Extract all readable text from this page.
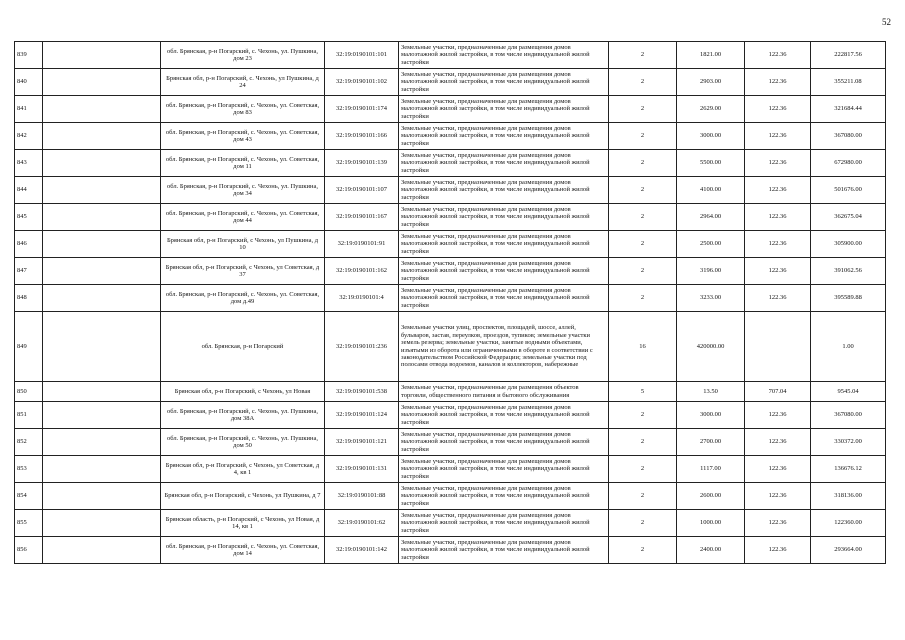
52
839		обл. Брянская, р-н Погарский, с. Чехонь, ул. Пушкина, дом 23	32:19:0190101:101	Земельные участки, предназначенные для размещения домов малоэтажной жилой застройки, в том числе индивидуальной жилой застройки	2	1821.00	122.36	222817.56
840		Брянская обл, р-н Погарский, с. Чехонь, ул Пушкина, д 24	32:19:0190101:102	Земельные участки, предназначенные для размещения домов малоэтажной жилой застройки, в том числе индивидуальной жилой застройки	2	2903.00	122.36	355211.08
841		обл. Брянская, р-н Погарский, с. Чехонь, ул. Советская, дом 83	32:19:0190101:174	Земельные участки, предназначенные для размещения домов малоэтажной жилой застройки, в том числе индивидуальной жилой застройки	2	2629.00	122.36	321684.44
842		обл. Брянская, р-н Погарский, с. Чехонь, ул. Советская, дом 43	32:19:0190101:166	Земельные участки, предназначенные для размещения домов малоэтажной жилой застройки, в том числе индивидуальной жилой застройки	2	3000.00	122.36	367080.00
843		обл. Брянская, р-н Погарский, с. Чехонь, ул. Советская, дом 11	32:19:0190101:139	Земельные участки, предназначенные для размещения домов малоэтажной жилой застройки, в том числе индивидуальной жилой застройки	2	5500.00	122.36	672980.00
844		обл. Брянская, р-н Погарский, с. Чехонь, ул. Пушкина, дом 34	32:19:0190101:107	Земельные участки, предназначенные для размещения домов малоэтажной жилой застройки, в том числе индивидуальной жилой застройки	2	4100.00	122.36	501676.00
845		обл. Брянская, р-н Погарский, с. Чехонь, ул. Советская, дом 44	32:19:0190101:167	Земельные участки, предназначенные для размещения домов малоэтажной жилой застройки, в том числе индивидуальной жилой застройки	2	2964.00	122.36	362675.04
846		Брянская обл, р-н Погарский, с Чехонь, ул Пушкина, д 10	32:19:0190101:91	Земельные участки, предназначенные для размещения домов малоэтажной жилой застройки, в том числе индивидуальной жилой застройки	2	2500.00	122.36	305900.00
847		Брянская обл, р-н Погарский, с Чехонь, ул Советская, д 37	32:19:0190101:162	Земельные участки, предназначенные для размещения домов малоэтажной жилой застройки, в том числе индивидуальной жилой застройки	2	3196.00	122.36	391062.56
848		обл. Брянская, р-н Погарский, с. Чехонь, ул. Советская, дом д.49	32:19:0190101:4	Земельные участки, предназначенные для размещения домов малоэтажной жилой застройки, в том числе индивидуальной жилой застройки	2	3233.00	122.36	395589.88
849		обл. Брянская, р-н Погарский	32:19:0190101:236	Земельные участки улиц, проспектов, площадей, шоссе, аллей, бульваров, застав, переулков, проездов, тупиков; земельные участки земель резерва; земельные участки, занятые водными объектами, изъятыми из оборота или ограниченными в обороте в соответствии с законодательством Российской Федерации; земельные участки под полосами отвода водоемов, каналов и коллекторов, набережные	16	420000.00		1.00
850		Брянская обл, р-н Погарский, с Чехонь, ул Новая	32:19:0190101:538	Земельные участки, предназначенные для размещения объектов торговли, общественного питания и бытового обслуживания	5	13.50	707.04	9545.04
851		обл. Брянская, р-н Погарский, с. Чехонь, ул. Пушкина, дом 38А	32:19:0190101:124	Земельные участки, предназначенные для размещения домов малоэтажной жилой застройки, в том числе индивидуальной жилой застройки	2	3000.00	122.36	367080.00
852		обл. Брянская, р-н Погарский, с. Чехонь, ул. Пушкина, дом 50	32:19:0190101:121	Земельные участки, предназначенные для размещения домов малоэтажной жилой застройки, в том числе индивидуальной жилой застройки	2	2700.00	122.36	330372.00
853		Брянская обл, р-н Погарский, с Чехонь, ул Советская, д 4, кв 1	32:19:0190101:131	Земельные участки, предназначенные для размещения домов малоэтажной жилой застройки, в том числе индивидуальной жилой застройки	2	1117.00	122.36	136676.12
854		Брянская обл, р-н Погарский, с Чехонь, ул Пушкина, д 7	32:19:0190101:88	Земельные участки, предназначенные для размещения домов малоэтажной жилой застройки, в том числе индивидуальной жилой застройки	2	2600.00	122.36	318136.00
855		Брянская область, р-н Погарский, с Чехонь, ул Новая, д 14, кв 1	32:19:0190101:62	Земельные участки, предназначенные для размещения домов малоэтажной жилой застройки, в том числе индивидуальной жилой застройки	2	1000.00	122.36	122360.00
856		обл. Брянская, р-н Погарский, с. Чехонь, ул. Советская, дом 14	32:19:0190101:142	Земельные участки, предназначенные для размещения домов малоэтажной жилой застройки, в том числе индивидуальной жилой застройки	2	2400.00	122.36	293664.00
